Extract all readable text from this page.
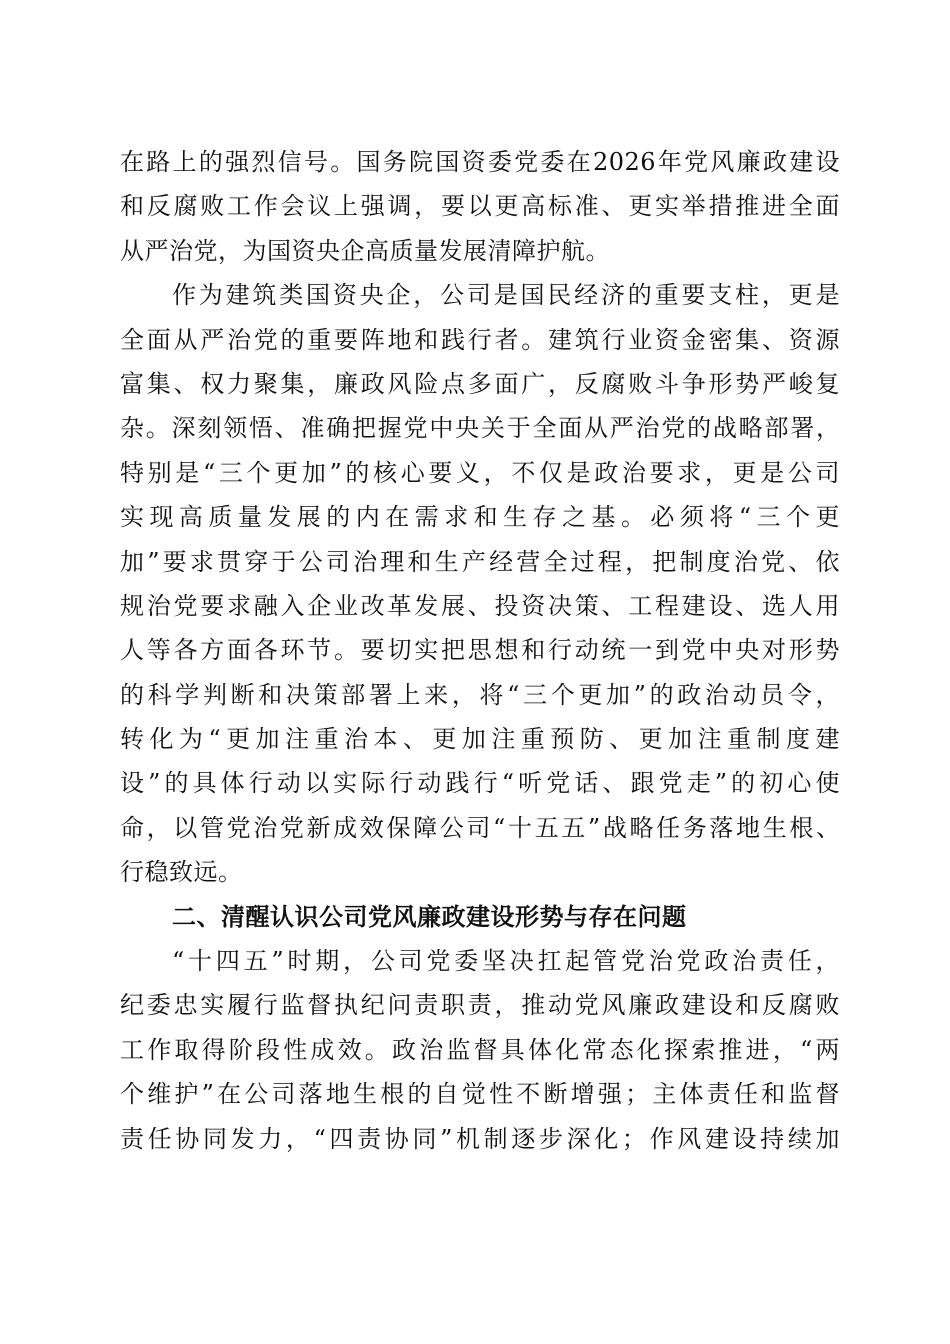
在路上的强烈信号。国务院国资委党委在2026年党风廉政建设
和反腐败工作会议上强调，要以更高标准、更实举措推进全面
从严治党，为国资央企高质量发展清障护航。
作为建筑类国资央企，公司是国民经济的重要支柱，更是
全面从严治党的重要阵地和践行者。建筑行业资金密集、资源
富集、权力聚集，廉政风险点多面广，反腐败斗争形势严峻复
杂。深刻领悟、准确把握党中央关于全面从严治党的战略部署，
特别是“三个更加”的核心要义，不仅是政治要求，更是公司
实现高质量发展的内在需求和生存之基。必须将“三个更
加”要求贯穿于公司治理和生产经营全过程，把制度治党、依
规治党要求融入企业改革发展、投资决策、工程建设、选人用
人等各方面各环节。要切实把思想和行动统一到党中央对形势
的科学判断和决策部署上来，将“三个更加”的政治动员令，
转化为“更加注重治本、更加注重预防、更加注重制度建
设”的具体行动以实际行动践行“听党话、跟党走”的初心使
命，以管党治党新成效保障公司“十五五”战略任务落地生根、
行稳致远。
二、清醒认识公司党风廉政建设形势与存在问题
“十四五”时期，公司党委坚决扛起管党治党政治责任，
纪委忠实履行监督执纪问责职责，推动党风廉政建设和反腐败
工作取得阶段性成效。政治监督具体化常态化探索推进，“两
个维护”在公司落地生根的自觉性不断增强；主体责任和监督
责任协同发力，“四责协同”机制逐步深化；作风建设持续加
